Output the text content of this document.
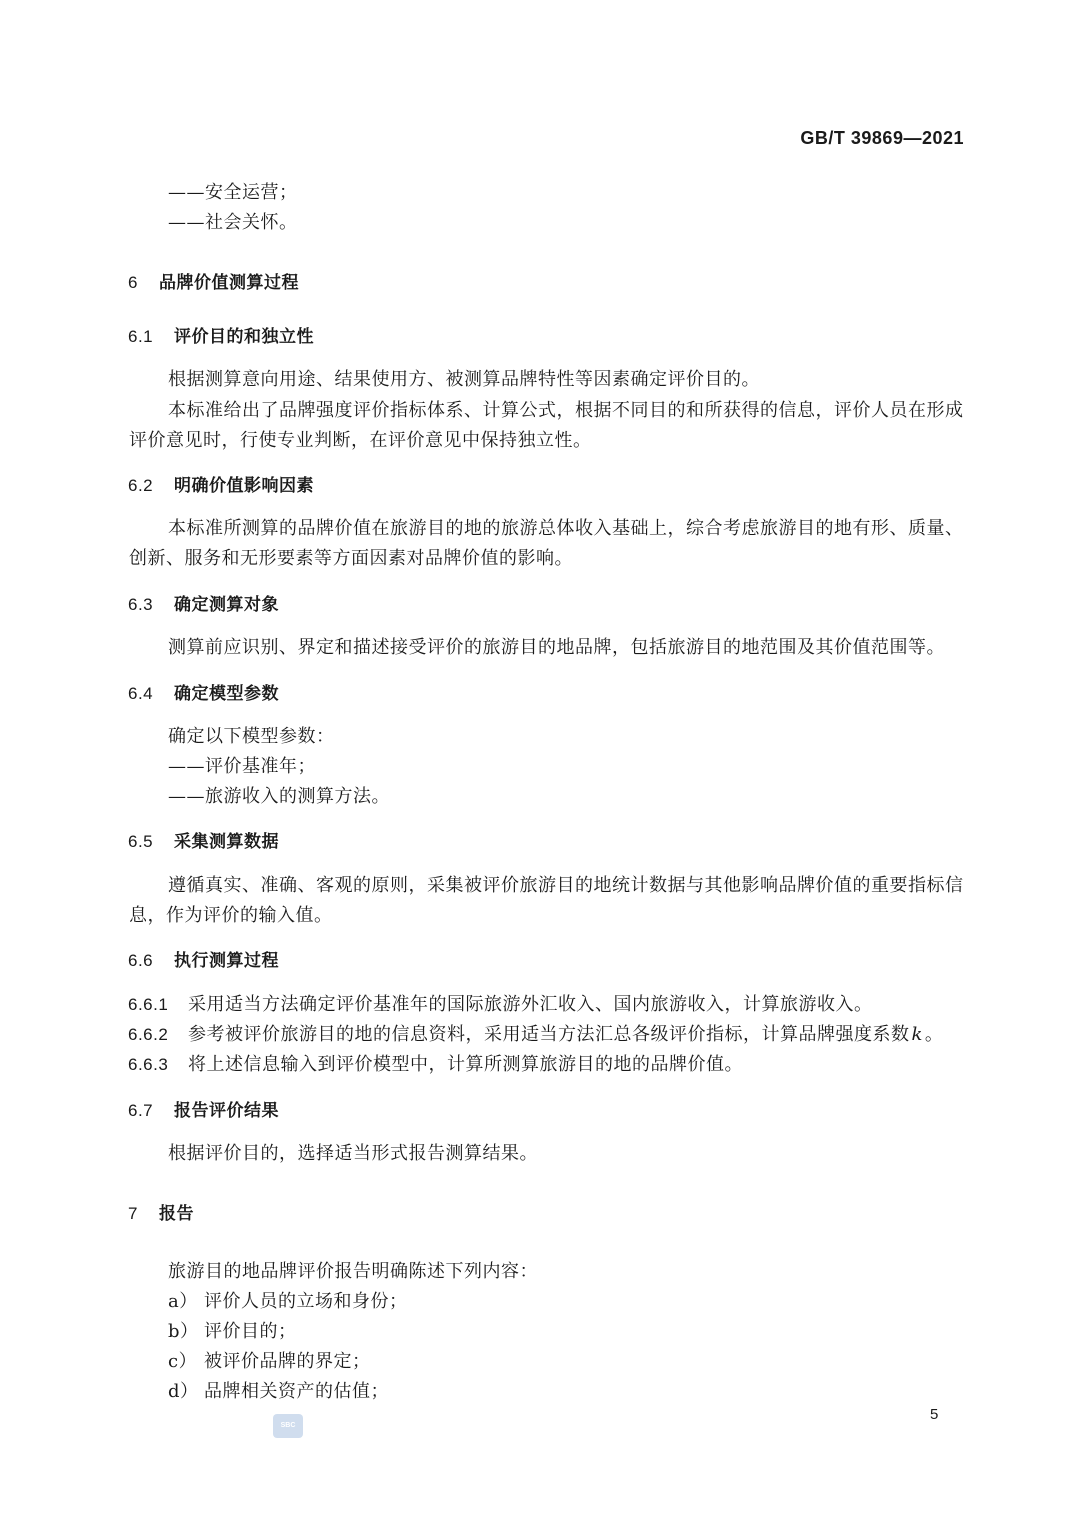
GB/T 39869—2021
——安全运营；
——社会关怀。
6 品牌价值测算过程
6.1 评价目的和独立性
根据测算意向用途、结果使用方、被测算品牌特性等因素确定评价目的。
本标准给出了品牌强度评价指标体系、计算公式，根据不同目的和所获得的信息，评价人员在形成
评价意见时，行使专业判断，在评价意见中保持独立性。
6.2 明确价值影响因素
本标准所测算的品牌价值在旅游目的地的旅游总体收入基础上，综合考虑旅游目的地有形、质量、
创新、服务和无形要素等方面因素对品牌价值的影响。
6.3 确定测算对象
测算前应识别、界定和描述接受评价的旅游目的地品牌，包括旅游目的地范围及其价值范围等。
6.4 确定模型参数
确定以下模型参数：
——评价基准年；
——旅游收入的测算方法。
6.5 采集测算数据
遵循真实、准确、客观的原则，采集被评价旅游目的地统计数据与其他影响品牌价值的重要指标信
息，作为评价的输入值。
6.6 执行测算过程
6.6.1 采用适当方法确定评价基准年的国际旅游外汇收入、国内旅游收入，计算旅游收入。
6.6.2 参考被评价旅游目的地的信息资料，采用适当方法汇总各级评价指标，计算品牌强度系数 k 。
6.6.3 将上述信息输入到评价模型中，计算所测算旅游目的地的品牌价值。
6.7 报告评价结果
根据评价目的，选择适当形式报告测算结果。
7 报告
旅游目的地品牌评价报告明确陈述下列内容：
a） 评价人员的立场和身份；
b） 评价目的；
c） 被评价品牌的界定；
d） 品牌相关资产的估值；
SBC
5
